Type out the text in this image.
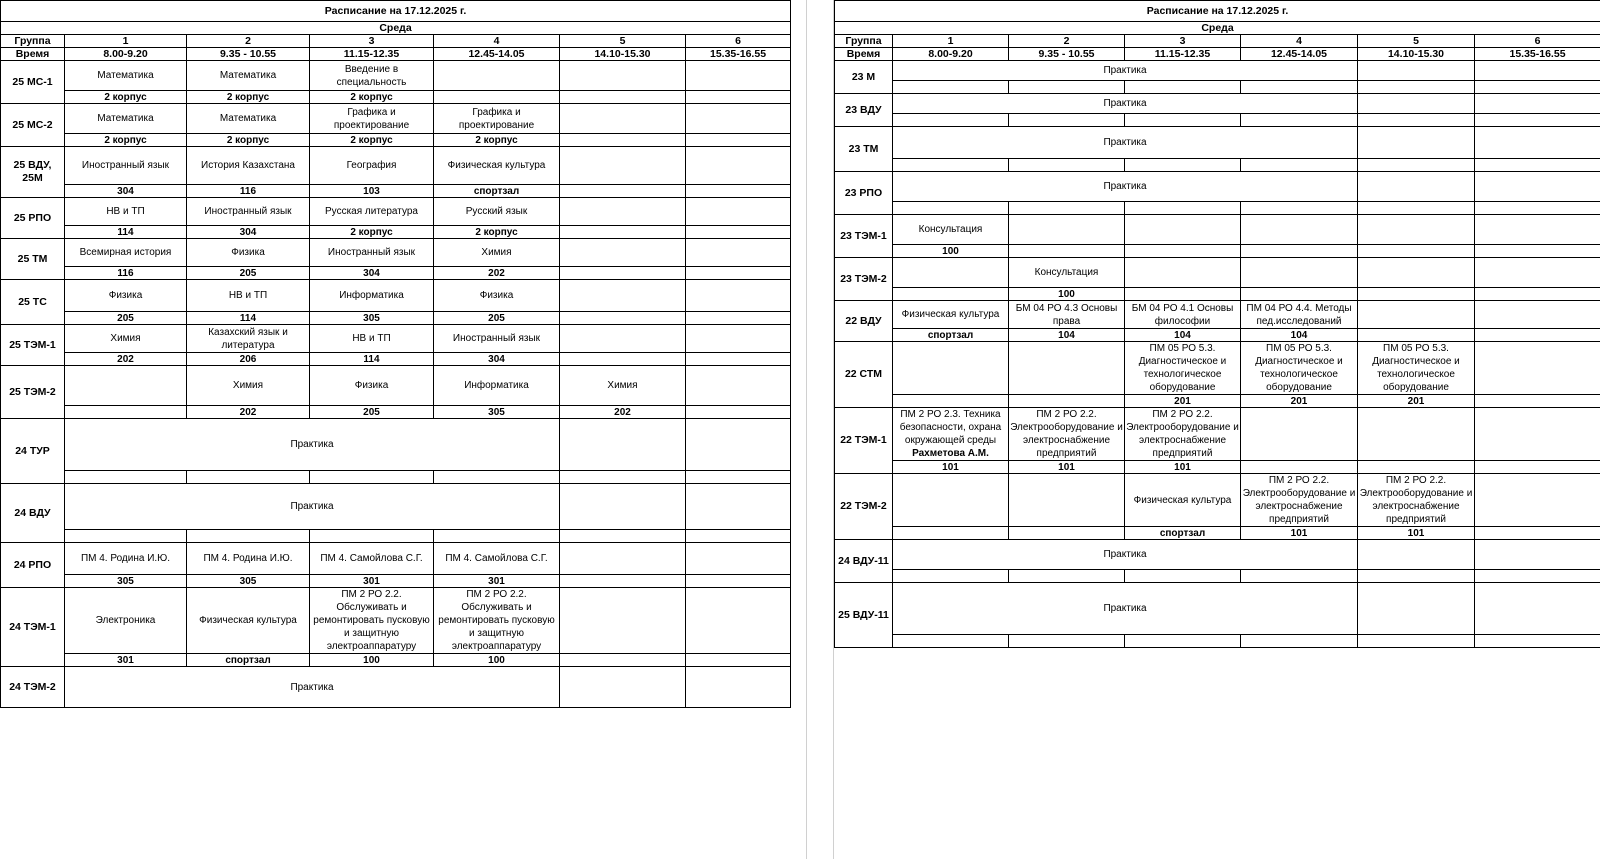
Расписание на 17.12.2025 г.						
Среда						
Группа	1	2	3	4	5	6
Время	8.00-9.20	9.35 - 10.55	11.15-12.35	12.45-14.05	14.10-15.30	15.35-16.55
25 МС-1	Математика	Математика	Введение в специальность			
	2 корпус	2 корпус	2 корпус			
25 МС-2	Математика	Математика	Графика и проектирование	Графика и проектирование		
	2 корпус	2 корпус	2 корпус	2 корпус		
25 ВДУ, 25М	Иностранный язык	История Казахстана	География	Физическая культура		
	304	116	103	спортзал		
25 РПО	НВ и ТП	Иностранный язык	Русская литература	Русский язык		
	114	304	2 корпус	2 корпус		
25 ТМ	Всемирная история	Физика	Иностранный язык	Химия		
	116	205	304	202		
25 ТС	Физика	НВ и ТП	Информатика	Физика		
	205	114	305	205		
25 ТЭМ-1	Химия	Казахский язык и литература	НВ и ТП	Иностранный язык		
	202	206	114	304		
25 ТЭМ-2		Химия	Физика	Информатика	Химия	
		202	205	305	202	
24 ТУР	Практика					

24 ВДУ	Практика					

24 РПО	ПМ 4. Родина И.Ю.	ПМ 4. Родина И.Ю.	ПМ 4. Самойлова С.Г.	ПМ 4. Самойлова С.Г.		
	305	305	301	301		
24 ТЭМ-1	Электроника	Физическая культура	ПМ 2 РО 2.2. Обслуживать и ремонтировать пусковую и защитную электроаппаратуру	ПМ 2 РО 2.2. Обслуживать и ремонтировать пусковую и защитную электроаппаратуру		
	301	спортзал	100	100		
24 ТЭМ-2	Практика					
Расписание на 17.12.2025 г.						
Среда						
Группа	1	2	3	4	5	6
Время	8.00-9.20	9.35 - 10.55	11.15-12.35	12.45-14.05	14.10-15.30	15.35-16.55
23 М	Практика					

23 ВДУ	Практика					

23 ТМ	Практика					

23 РПО	Практика					

23 ТЭМ-1	Консультация					
	100					
23 ТЭМ-2		Консультация				
		100				
22 ВДУ	Физическая культура	БМ 04 РО 4.3 Основы права	БМ 04 РО 4.1 Основы философии	ПМ 04 РО 4.4. Методы пед.исследований		
	спортзал	104	104	104		
22 СТМ			ПМ 05 РО 5.3. Диагностическое и технологическое оборудование	ПМ 05 РО 5.3. Диагностическое и технологическое оборудование	ПМ 05 РО 5.3. Диагностическое и технологическое оборудование	
			201	201	201	
22 ТЭМ-1	ПМ 2 РО 2.3. Техника безопасности, охрана окружающей среды
Рахметова А.М.	ПМ 2 РО 2.2. Электрооборудование и электроснабжение предприятий	ПМ 2 РО 2.2. Электрооборудование и электроснабжение предприятий			
	101	101	101			
22 ТЭМ-2			Физическая культура	ПМ 2 РО 2.2. Электрооборудование и электроснабжение предприятий	ПМ 2 РО 2.2. Электрооборудование и электроснабжение предприятий	
			спортзал	101	101	
24 ВДУ-11	Практика					

25 ВДУ-11	Практика					
